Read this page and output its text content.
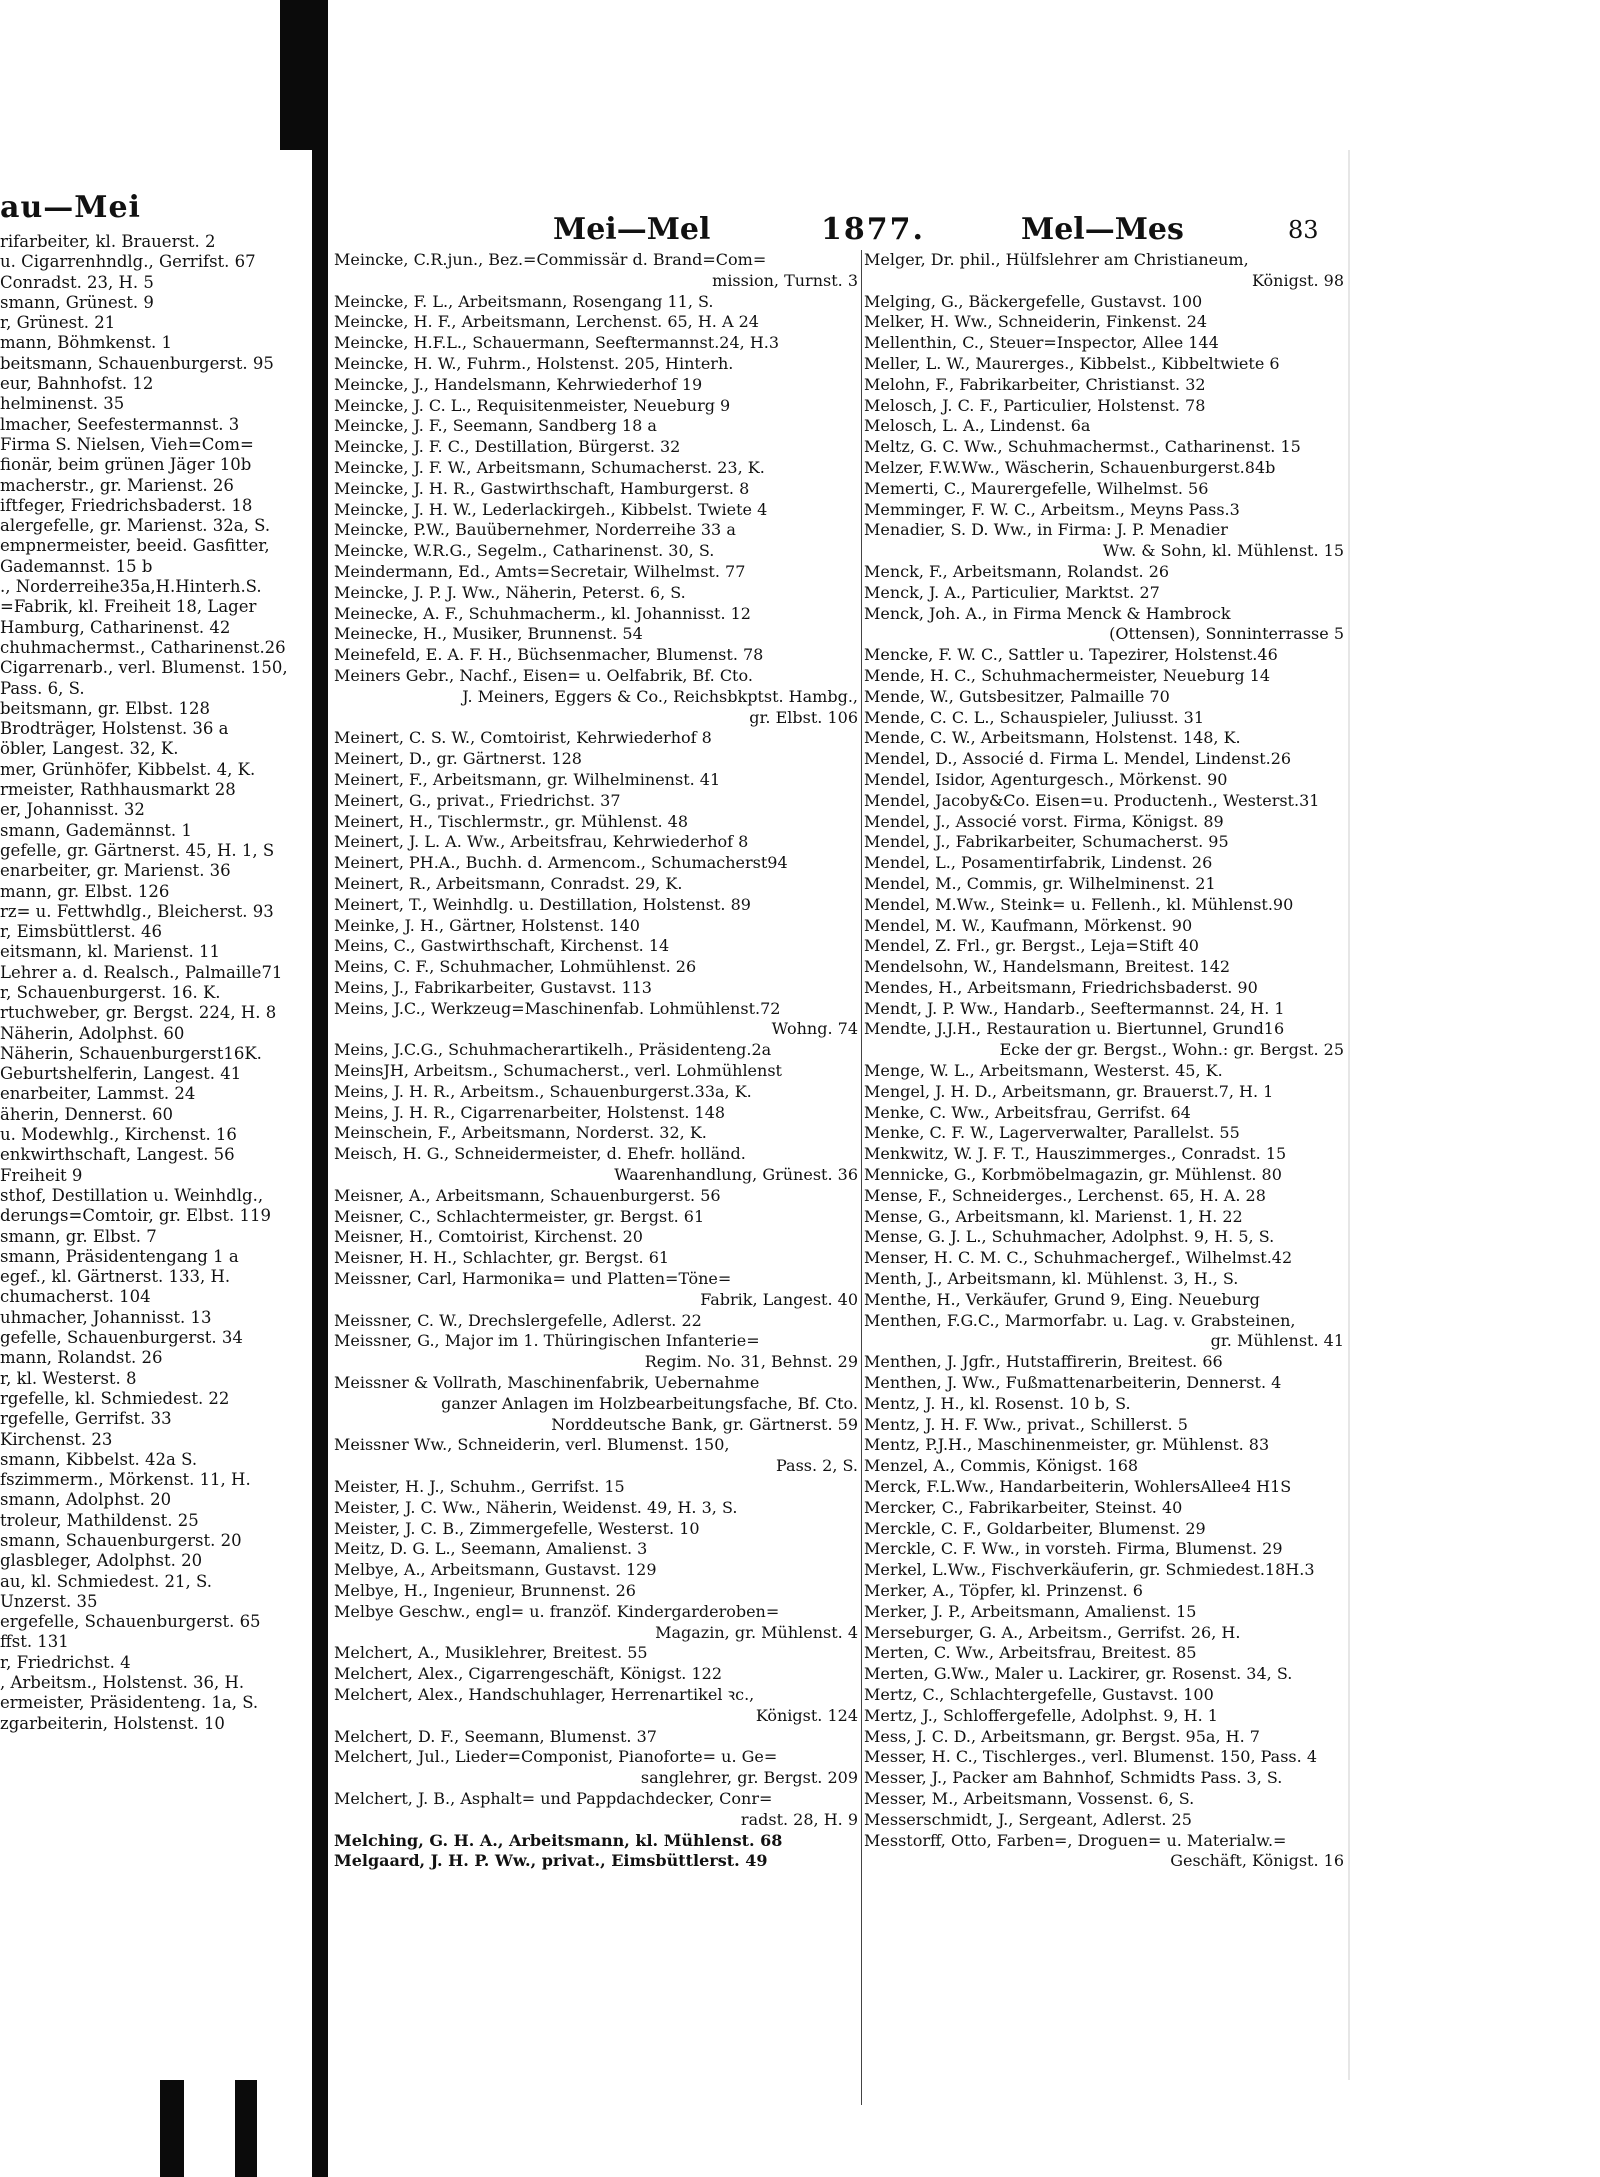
au—Mei
rifarbeiter, kl. Brauerst. 2
u. Cigarrenhndlg., Gerrifst. 67
Conradst. 23, H. 5
smann, Grünest. 9
r, Grünest. 21
mann, Böhmkenst. 1
beitsmann, Schauenburgerst. 95
eur, Bahnhofst. 12
helminenst. 35
lmacher, Seefestermannst. 3
Firma S. Nielsen, Vieh=Com=
fionär, beim grünen Jäger 10b
macherstr., gr. Marienst. 26
iftfeger, Friedrichsbaderst. 18
alergefelle, gr. Marienst. 32a, S.
empnermeister, beeid. Gasfitter,
Gademannst. 15 b
., Norderreihe35a,H.Hinterh.S.
=Fabrik, kl. Freiheit 18, Lager
Hamburg, Catharinenst. 42
chuhmachermst., Catharinenst.26
Cigarrenarb., verl. Blumenst. 150,
Pass. 6, S.
beitsmann, gr. Elbst. 128
Brodträger, Holstenst. 36 a
öbler, Langest. 32, K.
mer, Grünhöfer, Kibbelst. 4, K.
rmeister, Rathhausmarkt 28
er, Johannisst. 32
smann, Gademännst. 1
gefelle, gr. Gärtnerst. 45, H. 1, S
enarbeiter, gr. Marienst. 36
mann, gr. Elbst. 126
rz= u. Fettwhdlg., Bleicherst. 93
r, Eimsbüttlerst. 46
eitsmann, kl. Marienst. 11
Lehrer a. d. Realsch., Palmaille71
r, Schauenburgerst. 16. K.
rtuchweber, gr. Bergst. 224, H. 8
Näherin, Adolphst. 60
Näherin, Schauenburgerst16K.
Geburtshelferin, Langest. 41
enarbeiter, Lammst. 24
äherin, Dennerst. 60
u. Modewhlg., Kirchenst. 16
enkwirthschaft, Langest. 56
Freiheit 9
sthof, Destillation u. Weinhdlg.,
derungs=Comtoir, gr. Elbst. 119
smann, gr. Elbst. 7
smann, Präsidentengang 1 a
egef., kl. Gärtnerst. 133, H.
chumacherst. 104
uhmacher, Johannisst. 13
gefelle, Schauenburgerst. 34
mann, Rolandst. 26
r, kl. Westerst. 8
rgefelle, kl. Schmiedest. 22
rgefelle, Gerrifst. 33
Kirchenst. 23
smann, Kibbelst. 42a S.
fszimmerm., Mörkenst. 11, H.
smann, Adolphst. 20
troleur, Mathildenst. 25
smann, Schauenburgerst. 20
glasbleger, Adolphst. 20
au, kl. Schmiedest. 21, S.
Unzerst. 35
ergefelle, Schauenburgerst. 65
ffst. 131
r, Friedrichst. 4
, Arbeitsm., Holstenst. 36, H.
ermeister, Präsidenteng. 1a, S.
zgarbeiterin, Holstenst. 10
Mei—Mel	1877.	Mel—Mes	83
Meincke, C.R.jun., Bez.=Commissär d. Brand=Com=
mission, Turnst. 3
Meincke, F. L., Arbeitsmann, Rosengang 11, S.
Meincke, H. F., Arbeitsmann, Lerchenst. 65, H. A 24
Meincke, H.F.L., Schauermann, Seeftermannst.24, H.3
Meincke, H. W., Fuhrm., Holstenst. 205, Hinterh.
Meincke, J., Handelsmann, Kehrwiederhof 19
Meincke, J. C. L., Requisitenmeister, Neueburg 9
Meincke, J. F., Seemann, Sandberg 18 a
Meincke, J. F. C., Destillation, Bürgerst. 32
Meincke, J. F. W., Arbeitsmann, Schumacherst. 23, K.
Meincke, J. H. R., Gastwirthschaft, Hamburgerst. 8
Meincke, J. H. W., Lederlackirgeh., Kibbelst. Twiete 4
Meincke, P.W., Bauübernehmer, Norderreihe 33 a
Meincke, W.R.G., Segelm., Catharinenst. 30, S.
Meindermann, Ed., Amts=Secretair, Wilhelmst. 77
Meincke, J. P. J. Ww., Näherin, Peterst. 6, S.
Meinecke, A. F., Schuhmacherm., kl. Johannisst. 12
Meinecke, H., Musiker, Brunnenst. 54
Meinefeld, E. A. F. H., Büchsenmacher, Blumenst. 78
Meiners Gebr., Nachf., Eisen= u. Oelfabrik, Bf. Cto.
J. Meiners, Eggers & Co., Reichsbkptst. Hambg.,
gr. Elbst. 106
Meinert, C. S. W., Comtoirist, Kehrwiederhof 8
Meinert, D., gr. Gärtnerst. 128
Meinert, F., Arbeitsmann, gr. Wilhelminenst. 41
Meinert, G., privat., Friedrichst. 37
Meinert, H., Tischlermstr., gr. Mühlenst. 48
Meinert, J. L. A. Ww., Arbeitsfrau, Kehrwiederhof 8
Meinert, PH.A., Buchh. d. Armencom., Schumacherst94
Meinert, R., Arbeitsmann, Conradst. 29, K.
Meinert, T., Weinhdlg. u. Destillation, Holstenst. 89
Meinke, J. H., Gärtner, Holstenst. 140
Meins, C., Gastwirthschaft, Kirchenst. 14
Meins, C. F., Schuhmacher, Lohmühlenst. 26
Meins, J., Fabrikarbeiter, Gustavst. 113
Meins, J.C., Werkzeug=Maschinenfab. Lohmühlenst.72
Wohng. 74
Meins, J.C.G., Schuhmacherartikelh., Präsidenteng.2a
MeinsJH, Arbeitsm., Schumacherst., verl. Lohmühlenst
Meins, J. H. R., Arbeitsm., Schauenburgerst.33a, K.
Meins, J. H. R., Cigarrenarbeiter, Holstenst. 148
Meinschein, F., Arbeitsmann, Norderst. 32, K.
Meisch, H. G., Schneidermeister, d. Ehefr. holländ.
Waarenhandlung, Grünest. 36
Meisner, A., Arbeitsmann, Schauenburgerst. 56
Meisner, C., Schlachtermeister, gr. Bergst. 61
Meisner, H., Comtoirist, Kirchenst. 20
Meisner, H. H., Schlachter, gr. Bergst. 61
Meissner, Carl, Harmonika= und Platten=Töne=
Fabrik, Langest. 40
Meissner, C. W., Drechslergefelle, Adlerst. 22
Meissner, G., Major im 1. Thüringischen Infanterie=
Regim. No. 31, Behnst. 29
Meissner & Vollrath, Maschinenfabrik, Uebernahme
ganzer Anlagen im Holzbearbeitungsfache, Bf. Cto.
Norddeutsche Bank, gr. Gärtnerst. 59
Meissner Ww., Schneiderin, verl. Blumenst. 150,
Pass. 2, S.
Meister, H. J., Schuhm., Gerrifst. 15
Meister, J. C. Ww., Näherin, Weidenst. 49, H. 3, S.
Meister, J. C. B., Zimmergefelle, Westerst. 10
Meitz, D. G. L., Seemann, Amalienst. 3
Melbye, A., Arbeitsmann, Gustavst. 129
Melbye, H., Ingenieur, Brunnenst. 26
Melbye Geschw., engl= u. franzöf. Kindergarderoben=
Magazin, gr. Mühlenst. 4
Melchert, A., Musiklehrer, Breitest. 55
Melchert, Alex., Cigarrengeschäft, Königst. 122
Melchert, Alex., Handschuhlager, Herrenartikel ꝛc.,
Königst. 124
Melchert, D. F., Seemann, Blumenst. 37
Melchert, Jul., Lieder=Componist, Pianoforte= u. Ge=
sanglehrer, gr. Bergst. 209
Melchert, J. B., Asphalt= und Pappdachdecker, Conr=
radst. 28, H. 9
Melching, G. H. A., Arbeitsmann, kl. Mühlenst. 68
Melgaard, J. H. P. Ww., privat., Eimsbüttlerst. 49
Melger, Dr. phil., Hülfslehrer am Christianeum,
Königst. 98
Melging, G., Bäckergefelle, Gustavst. 100
Melker, H. Ww., Schneiderin, Finkenst. 24
Mellenthin, C., Steuer=Inspector, Allee 144
Meller, L. W., Maurerges., Kibbelst., Kibbeltwiete 6
Melohn, F., Fabrikarbeiter, Christianst. 32
Melosch, J. C. F., Particulier, Holstenst. 78
Melosch, L. A., Lindenst. 6a
Meltz, G. C. Ww., Schuhmachermst., Catharinenst. 15
Melzer, F.W.Ww., Wäscherin, Schauenburgerst.84b
Memerti, C., Maurergefelle, Wilhelmst. 56
Memminger, F. W. C., Arbeitsm., Meyns Pass.3
Menadier, S. D. Ww., in Firma: J. P. Menadier
Ww. & Sohn, kl. Mühlenst. 15
Menck, F., Arbeitsmann, Rolandst. 26
Menck, J. A., Particulier, Marktst. 27
Menck, Joh. A., in Firma Menck & Hambrock
(Ottensen), Sonninterrasse 5
Mencke, F. W. C., Sattler u. Tapezirer, Holstenst.46
Mende, H. C., Schuhmachermeister, Neueburg 14
Mende, W., Gutsbesitzer, Palmaille 70
Mende, C. C. L., Schauspieler, Juliusst. 31
Mende, C. W., Arbeitsmann, Holstenst. 148, K.
Mendel, D., Associé d. Firma L. Mendel, Lindenst.26
Mendel, Isidor, Agenturgesch., Mörkenst. 90
Mendel, Jacoby&Co. Eisen=u. Productenh., Westerst.31
Mendel, J., Associé vorst. Firma, Königst. 89
Mendel, J., Fabrikarbeiter, Schumacherst. 95
Mendel, L., Posamentirfabrik, Lindenst. 26
Mendel, M., Commis, gr. Wilhelminenst. 21
Mendel, M.Ww., Steink= u. Fellenh., kl. Mühlenst.90
Mendel, M. W., Kaufmann, Mörkenst. 90
Mendel, Z. Frl., gr. Bergst., Leja=Stift 40
Mendelsohn, W., Handelsmann, Breitest. 142
Mendes, H., Arbeitsmann, Friedrichsbaderst. 90
Mendt, J. P. Ww., Handarb., Seeftermannst. 24, H. 1
Mendte, J.J.H., Restauration u. Biertunnel, Grund16
Ecke der gr. Bergst., Wohn.: gr. Bergst. 25
Menge, W. L., Arbeitsmann, Westerst. 45, K.
Mengel, J. H. D., Arbeitsmann, gr. Brauerst.7, H. 1
Menke, C. Ww., Arbeitsfrau, Gerrifst. 64
Menke, C. F. W., Lagerverwalter, Parallelst. 55
Menkwitz, W. J. F. T., Hauszimmerges., Conradst. 15
Mennicke, G., Korbmöbelmagazin, gr. Mühlenst. 80
Mense, F., Schneiderges., Lerchenst. 65, H. A. 28
Mense, G., Arbeitsmann, kl. Marienst. 1, H. 22
Mense, G. J. L., Schuhmacher, Adolphst. 9, H. 5, S.
Menser, H. C. M. C., Schuhmachergef., Wilhelmst.42
Menth, J., Arbeitsmann, kl. Mühlenst. 3, H., S.
Menthe, H., Verkäufer, Grund 9, Eing. Neueburg
Menthen, F.G.C., Marmorfabr. u. Lag. v. Grabsteinen,
gr. Mühlenst. 41
Menthen, J. Jgfr., Hutstaffirerin, Breitest. 66
Menthen, J. Ww., Fußmattenarbeiterin, Dennerst. 4
Mentz, J. H., kl. Rosenst. 10 b, S.
Mentz, J. H. F. Ww., privat., Schillerst. 5
Mentz, P.J.H., Maschinenmeister, gr. Mühlenst. 83
Menzel, A., Commis, Königst. 168
Merck, F.L.Ww., Handarbeiterin, WohlersAllee4 H1S
Mercker, C., Fabrikarbeiter, Steinst. 40
Merckle, C. F., Goldarbeiter, Blumenst. 29
Merckle, C. F. Ww., in vorsteh. Firma, Blumenst. 29
Merkel, L.Ww., Fischverkäuferin, gr. Schmiedest.18H.3
Merker, A., Töpfer, kl. Prinzenst. 6
Merker, J. P., Arbeitsmann, Amalienst. 15
Merseburger, G. A., Arbeitsm., Gerrifst. 26, H.
Merten, C. Ww., Arbeitsfrau, Breitest. 85
Merten, G.Ww., Maler u. Lackirer, gr. Rosenst. 34, S.
Mertz, C., Schlachtergefelle, Gustavst. 100
Mertz, J., Schloffergefelle, Adolphst. 9, H. 1
Mess, J. C. D., Arbeitsmann, gr. Bergst. 95a, H. 7
Messer, H. C., Tischlerges., verl. Blumenst. 150, Pass. 4
Messer, J., Packer am Bahnhof, Schmidts Pass. 3, S.
Messer, M., Arbeitsmann, Vossenst. 6, S.
Messerschmidt, J., Sergeant, Adlerst. 25
Messtorff, Otto, Farben=, Droguen= u. Materialw.=
Geschäft, Königst. 16
